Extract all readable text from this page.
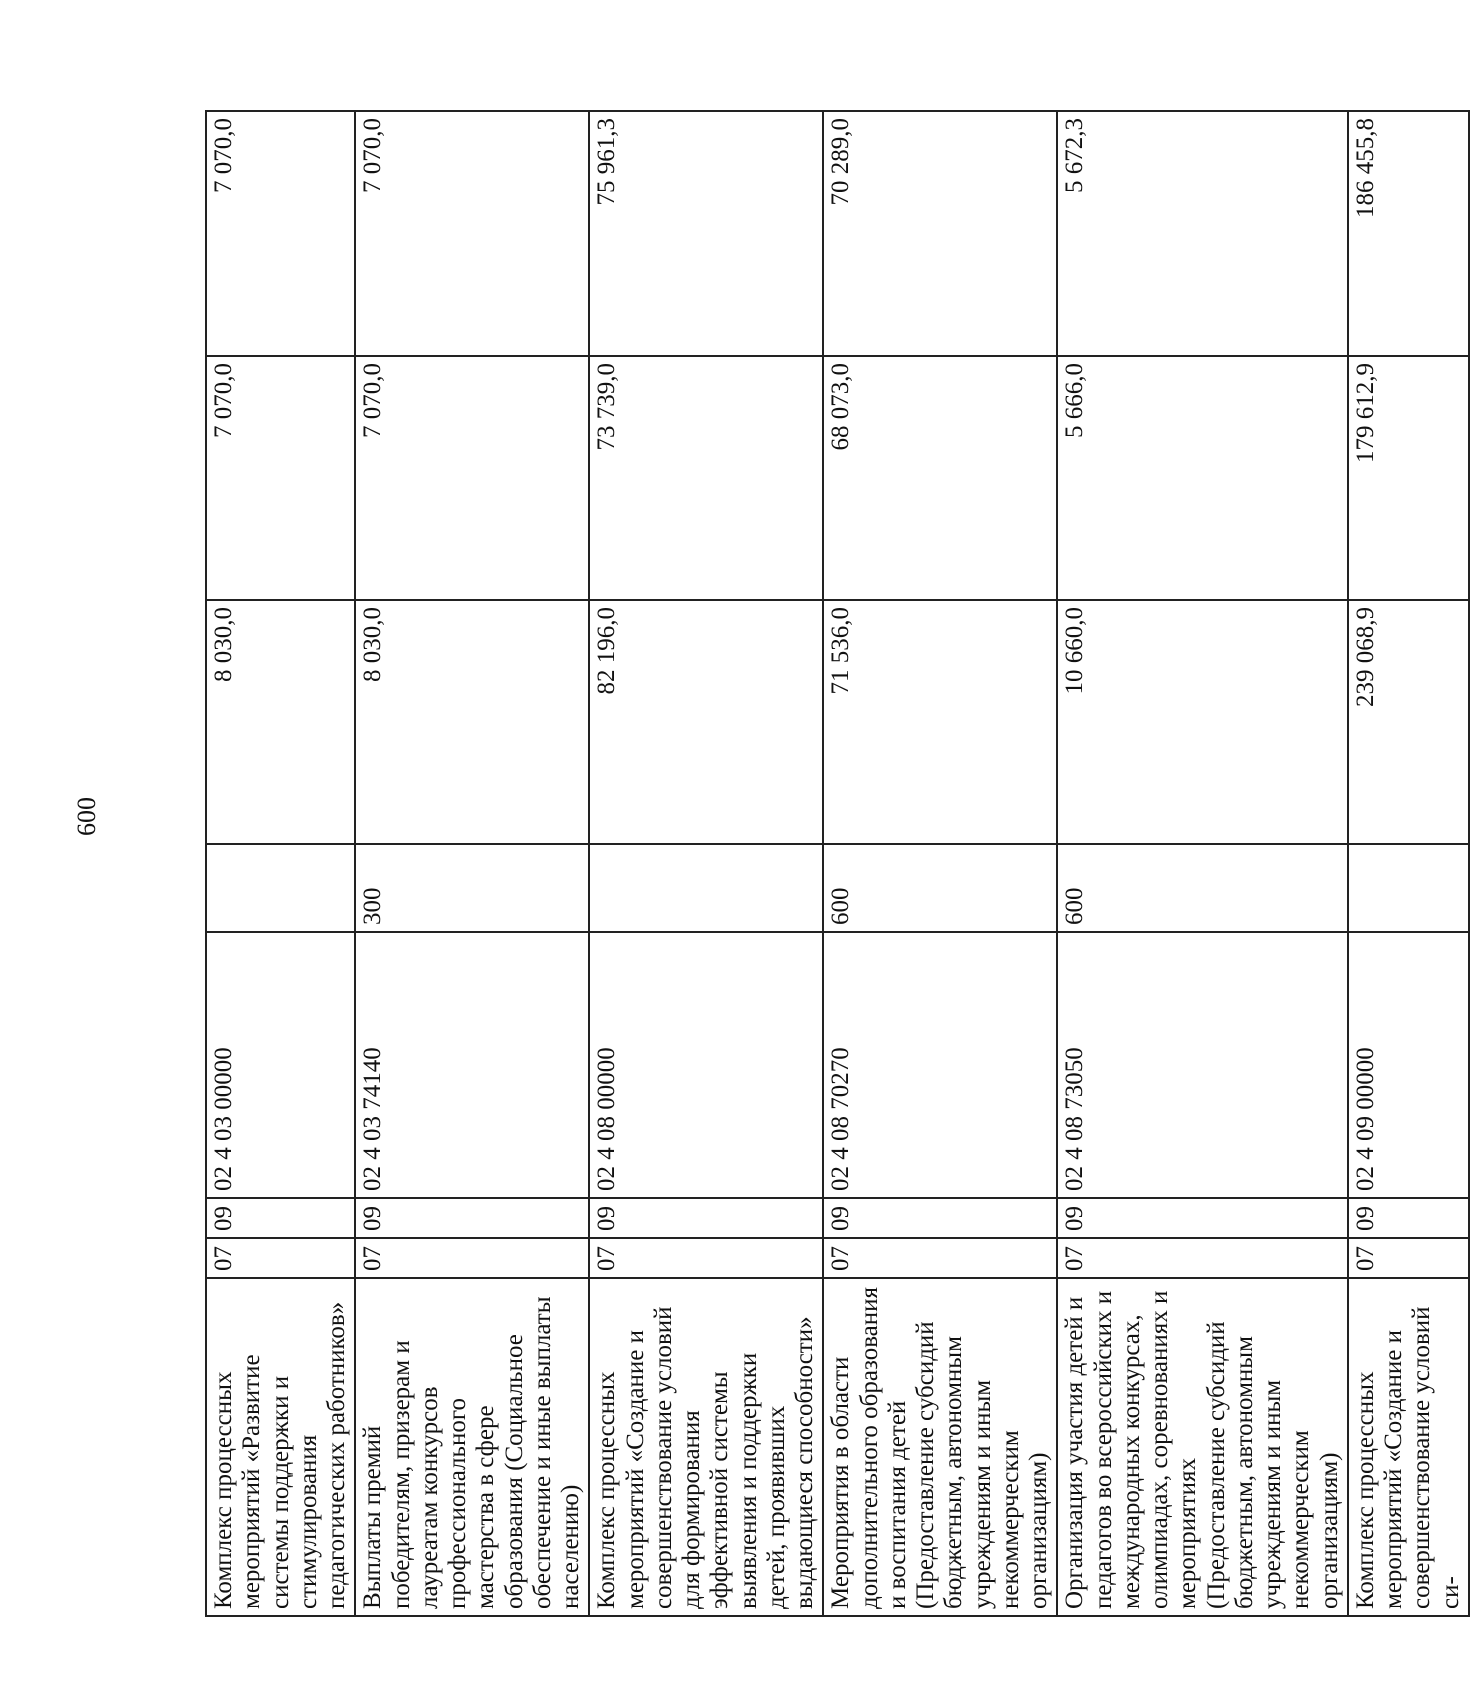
600
Комплекс процессных мероприятий «Развитие системы поддержки и стимулирования педагогических работников»	07	09	02 4 03 00000		8 030,0	7 070,0	7 070,0
Выплаты премий победителям, призерам и лауреатам конкурсов профессионального мастерства в сфере образования (Социальное обеспечение и иные выплаты населению)	07	09	02 4 03 74140	300	8 030,0	7 070,0	7 070,0
Комплекс процессных мероприятий «Создание и совершенствование условий для формирования эффективной системы выявления и поддержки детей, проявивших выдающиеся способности»	07	09	02 4 08 00000		82 196,0	73 739,0	75 961,3
Мероприятия в области дополнительного образования и воспитания детей (Предоставление субсидий бюджетным, автономным учреждениям и иным некоммерческим организациям)	07	09	02 4 08 70270	600	71 536,0	68 073,0	70 289,0
Организация участия детей и педагогов во всероссийских и международных конкурсах, олимпиадах, соревнованиях и мероприятиях (Предоставление субсидий бюджетным, автономным учреждениям и иным некоммерческим организациям)	07	09	02 4 08 73050	600	10 660,0	5 666,0	5 672,3
Комплекс процессных мероприятий «Создание и совершенствование условий си-	07	09	02 4 09 00000		239 068,9	179 612,9	186 455,8
